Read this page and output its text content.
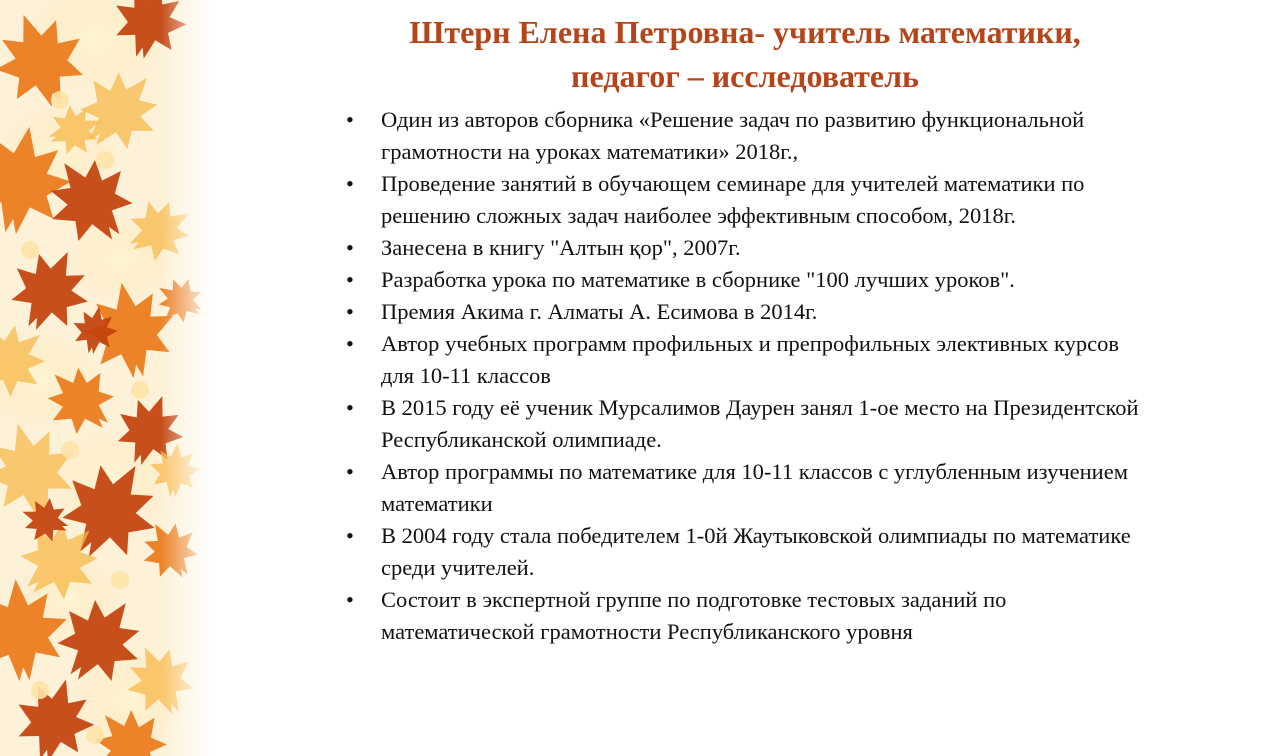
Штерн Елена Петровна- учитель математики,
педагог – исследователь
• Один из авторов сборника «Решение задач по развитию функциональной грамотности на уроках математики» 2018г.,
• Проведение занятий в обучающем семинаре для учителей математики по решению сложных задач наиболее эффективным способом, 2018г.
• Занесена в книгу "Алтын қор", 2007г.
• Разработка урока по математике в сборнике "100 лучших уроков".
• Премия Акима г. Алматы А. Есимова в 2014г.
• Автор учебных программ профильных и препрофильных элективных курсов для 10-11 классов
• В 2015 году её ученик Мурсалимов Даурен занял 1-ое место на Президентской Республиканской олимпиаде.
• Автор программы по математике для 10-11 классов с углубленным изучением математики
• В 2004 году стала победителем 1-0й Жаутыковской олимпиады по математике среди учителей.
• Состоит в экспертной группе по подготовке тестовых заданий по математической грамотности Республиканского уровня
